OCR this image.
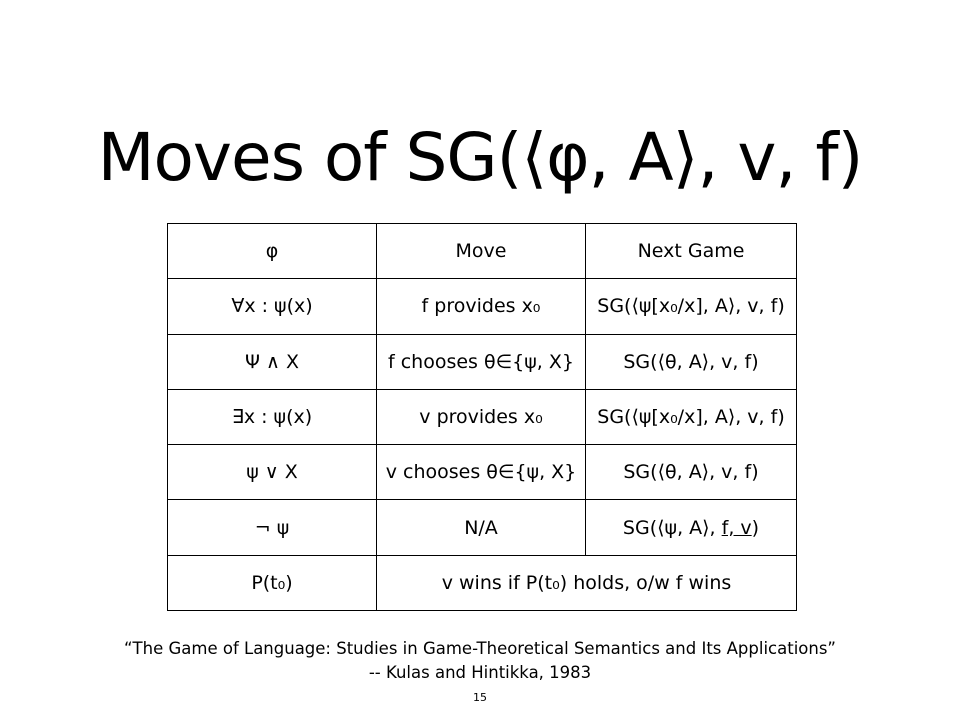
Moves of SG(⟨φ, A⟩, v, f)
φ	Move	Next Game
∀x : ψ(x)	f provides x₀	SG(⟨ψ[x₀/x], A⟩, v, f)
Ψ ∧ Χ	f chooses θ∈{ψ, Χ}	SG(⟨θ, A⟩, v, f)
∃x : ψ(x)	v provides x₀	SG(⟨ψ[x₀/x], A⟩, v, f)
ψ ∨ Χ	v chooses θ∈{ψ, Χ}	SG(⟨θ, A⟩, v, f)
¬ ψ	N/A	SG(⟨ψ, A⟩, f, v)
P(t₀)	v wins if P(t₀) holds, o/w f wins	
“The Game of Language: Studies in Game-Theoretical Semantics and Its Applications”
-- Kulas and Hintikka, 1983
15
